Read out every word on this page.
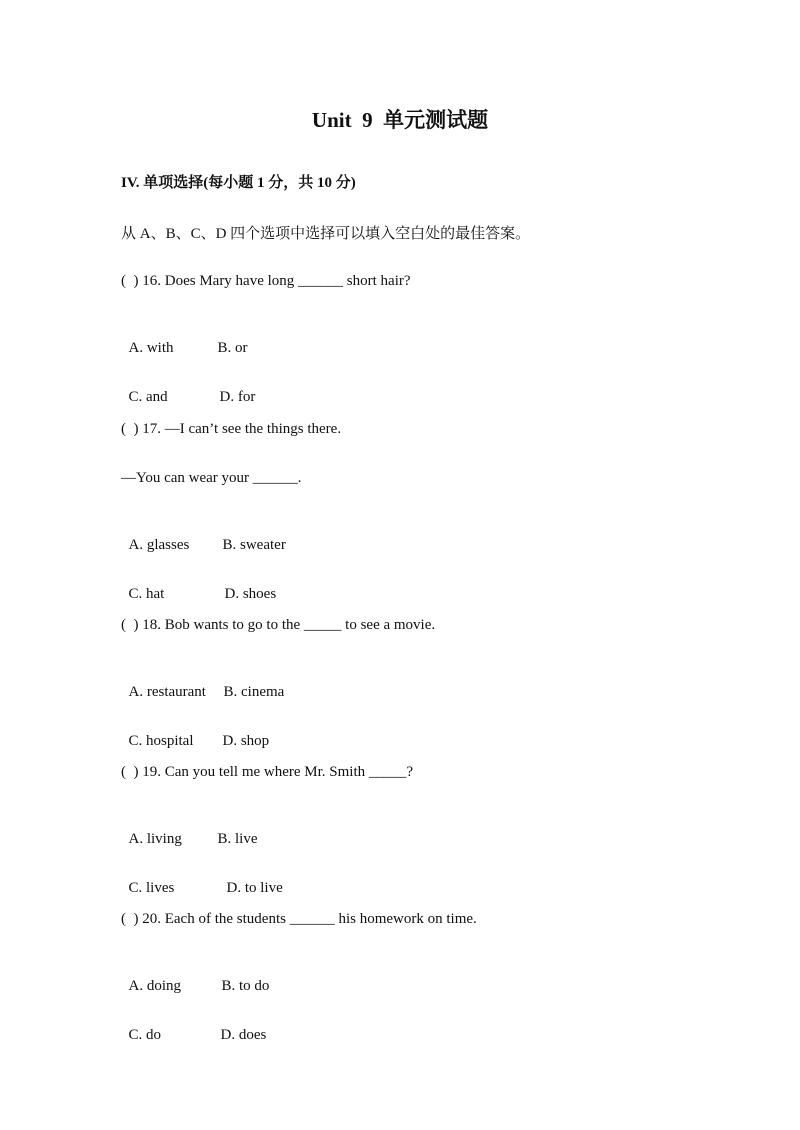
Unit  9  单元测试题
IV. 单项选择(每小题 1 分，共 10 分)
从 A、B、C、D 四个选项中选择可以填入空白处的最佳答案。
(  ) 16. Does Mary have long ______ short hair?

A. with	B. or

C. and	D. for

(  ) 17. —I can’t see the things there.
—You can wear your ______.

A. glasses B. sweater

C. hat	D. shoes

(  ) 18. Bob wants to go to the _____ to see a movie.

A. restaurant B. cinema

C. hospital D. shop

(  ) 19. Can you tell me where Mr. Smith _____?

A. living B. live

C. lives	D. to live

(  ) 20. Each of the students ______ his homework on time.

A. doing	B. to do

C. do	D. does
